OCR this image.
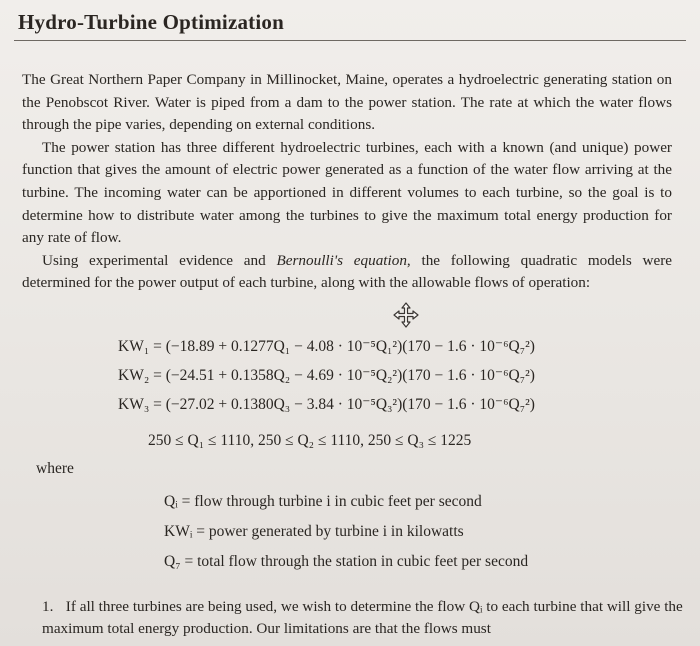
Hydro-Turbine Optimization

The Great Northern Paper Company in Millinocket, Maine, operates a hydroelectric generating station on the Penobscot River. Water is piped from a dam to the power station. The rate at which the water flows through the pipe varies, depending on external conditions.

The power station has three different hydroelectric turbines, each with a known (and unique) power function that gives the amount of electric power generated as a function of the water flow arriving at the turbine. The incoming water can be apportioned in different volumes to each turbine, so the goal is to determine how to distribute water among the turbines to give the maximum total energy production for any rate of flow.

Using experimental evidence and Bernoulli's equation, the following quadratic models were determined for the power output of each turbine, along with the allowable flows of operation:

KW₁ = (−18.89 + 0.1277Q₁ − 4.08 · 10⁻⁵Q₁²)(170 − 1.6 · 10⁻⁶Q₇²)
KW₂ = (−24.51 + 0.1358Q₂ − 4.69 · 10⁻⁵Q₂²)(170 − 1.6 · 10⁻⁶Q₇²)
KW₃ = (−27.02 + 0.1380Q₃ − 3.84 · 10⁻⁵Q₃²)(170 − 1.6 · 10⁻⁶Q₇²)
250 ≤ Q₁ ≤ 1110, 250 ≤ Q₂ ≤ 1110, 250 ≤ Q₃ ≤ 1225
where
Qᵢ = flow through turbine i in cubic feet per second
KWᵢ = power generated by turbine i in kilowatts
Q₇ = total flow through the station in cubic feet per second
1. If all three turbines are being used, we wish to determine the flow Qᵢ to each turbine that will give the maximum total energy production. Our limitations are that the flows must
